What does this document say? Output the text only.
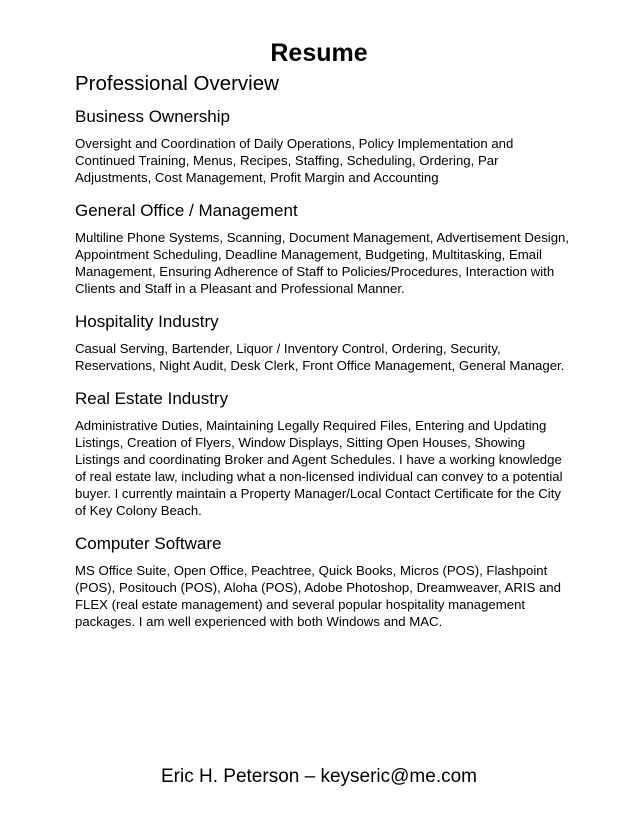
Resume
Professional Overview
Business Ownership

Oversight and Coordination of Daily Operations, Policy Implementation and Continued Training, Menus, Recipes, Staffing, Scheduling, Ordering, Par Adjustments, Cost Management, Profit Margin and Accounting

General Office / Management

Multiline Phone Systems, Scanning, Document Management, Advertisement Design, Appointment Scheduling, Deadline Management, Budgeting, Multitasking, Email Management, Ensuring Adherence of Staff to Policies/Procedures, Interaction with Clients and Staff in a Pleasant and Professional Manner.

Hospitality Industry

Casual Serving, Bartender, Liquor / Inventory Control, Ordering, Security, Reservations, Night Audit, Desk Clerk, Front Office Management, General Manager.

Real Estate Industry

Administrative Duties, Maintaining Legally Required Files, Entering and Updating Listings, Creation of Flyers, Window Displays, Sitting Open Houses, Showing Listings and coordinating Broker and Agent Schedules. I have a working knowledge of real estate law, including what a non-licensed individual can convey to a potential buyer. I currently maintain a Property Manager/Local Contact Certificate for the City of Key Colony Beach.

Computer Software

MS Office Suite, Open Office, Peachtree, Quick Books, Micros (POS), Flashpoint (POS), Positouch (POS), Aloha (POS), Adobe Photoshop, Dreamweaver, ARIS and FLEX (real estate management) and several popular hospitality management packages. I am well experienced with both Windows and MAC.

Eric H. Peterson – keyseric@me.com
